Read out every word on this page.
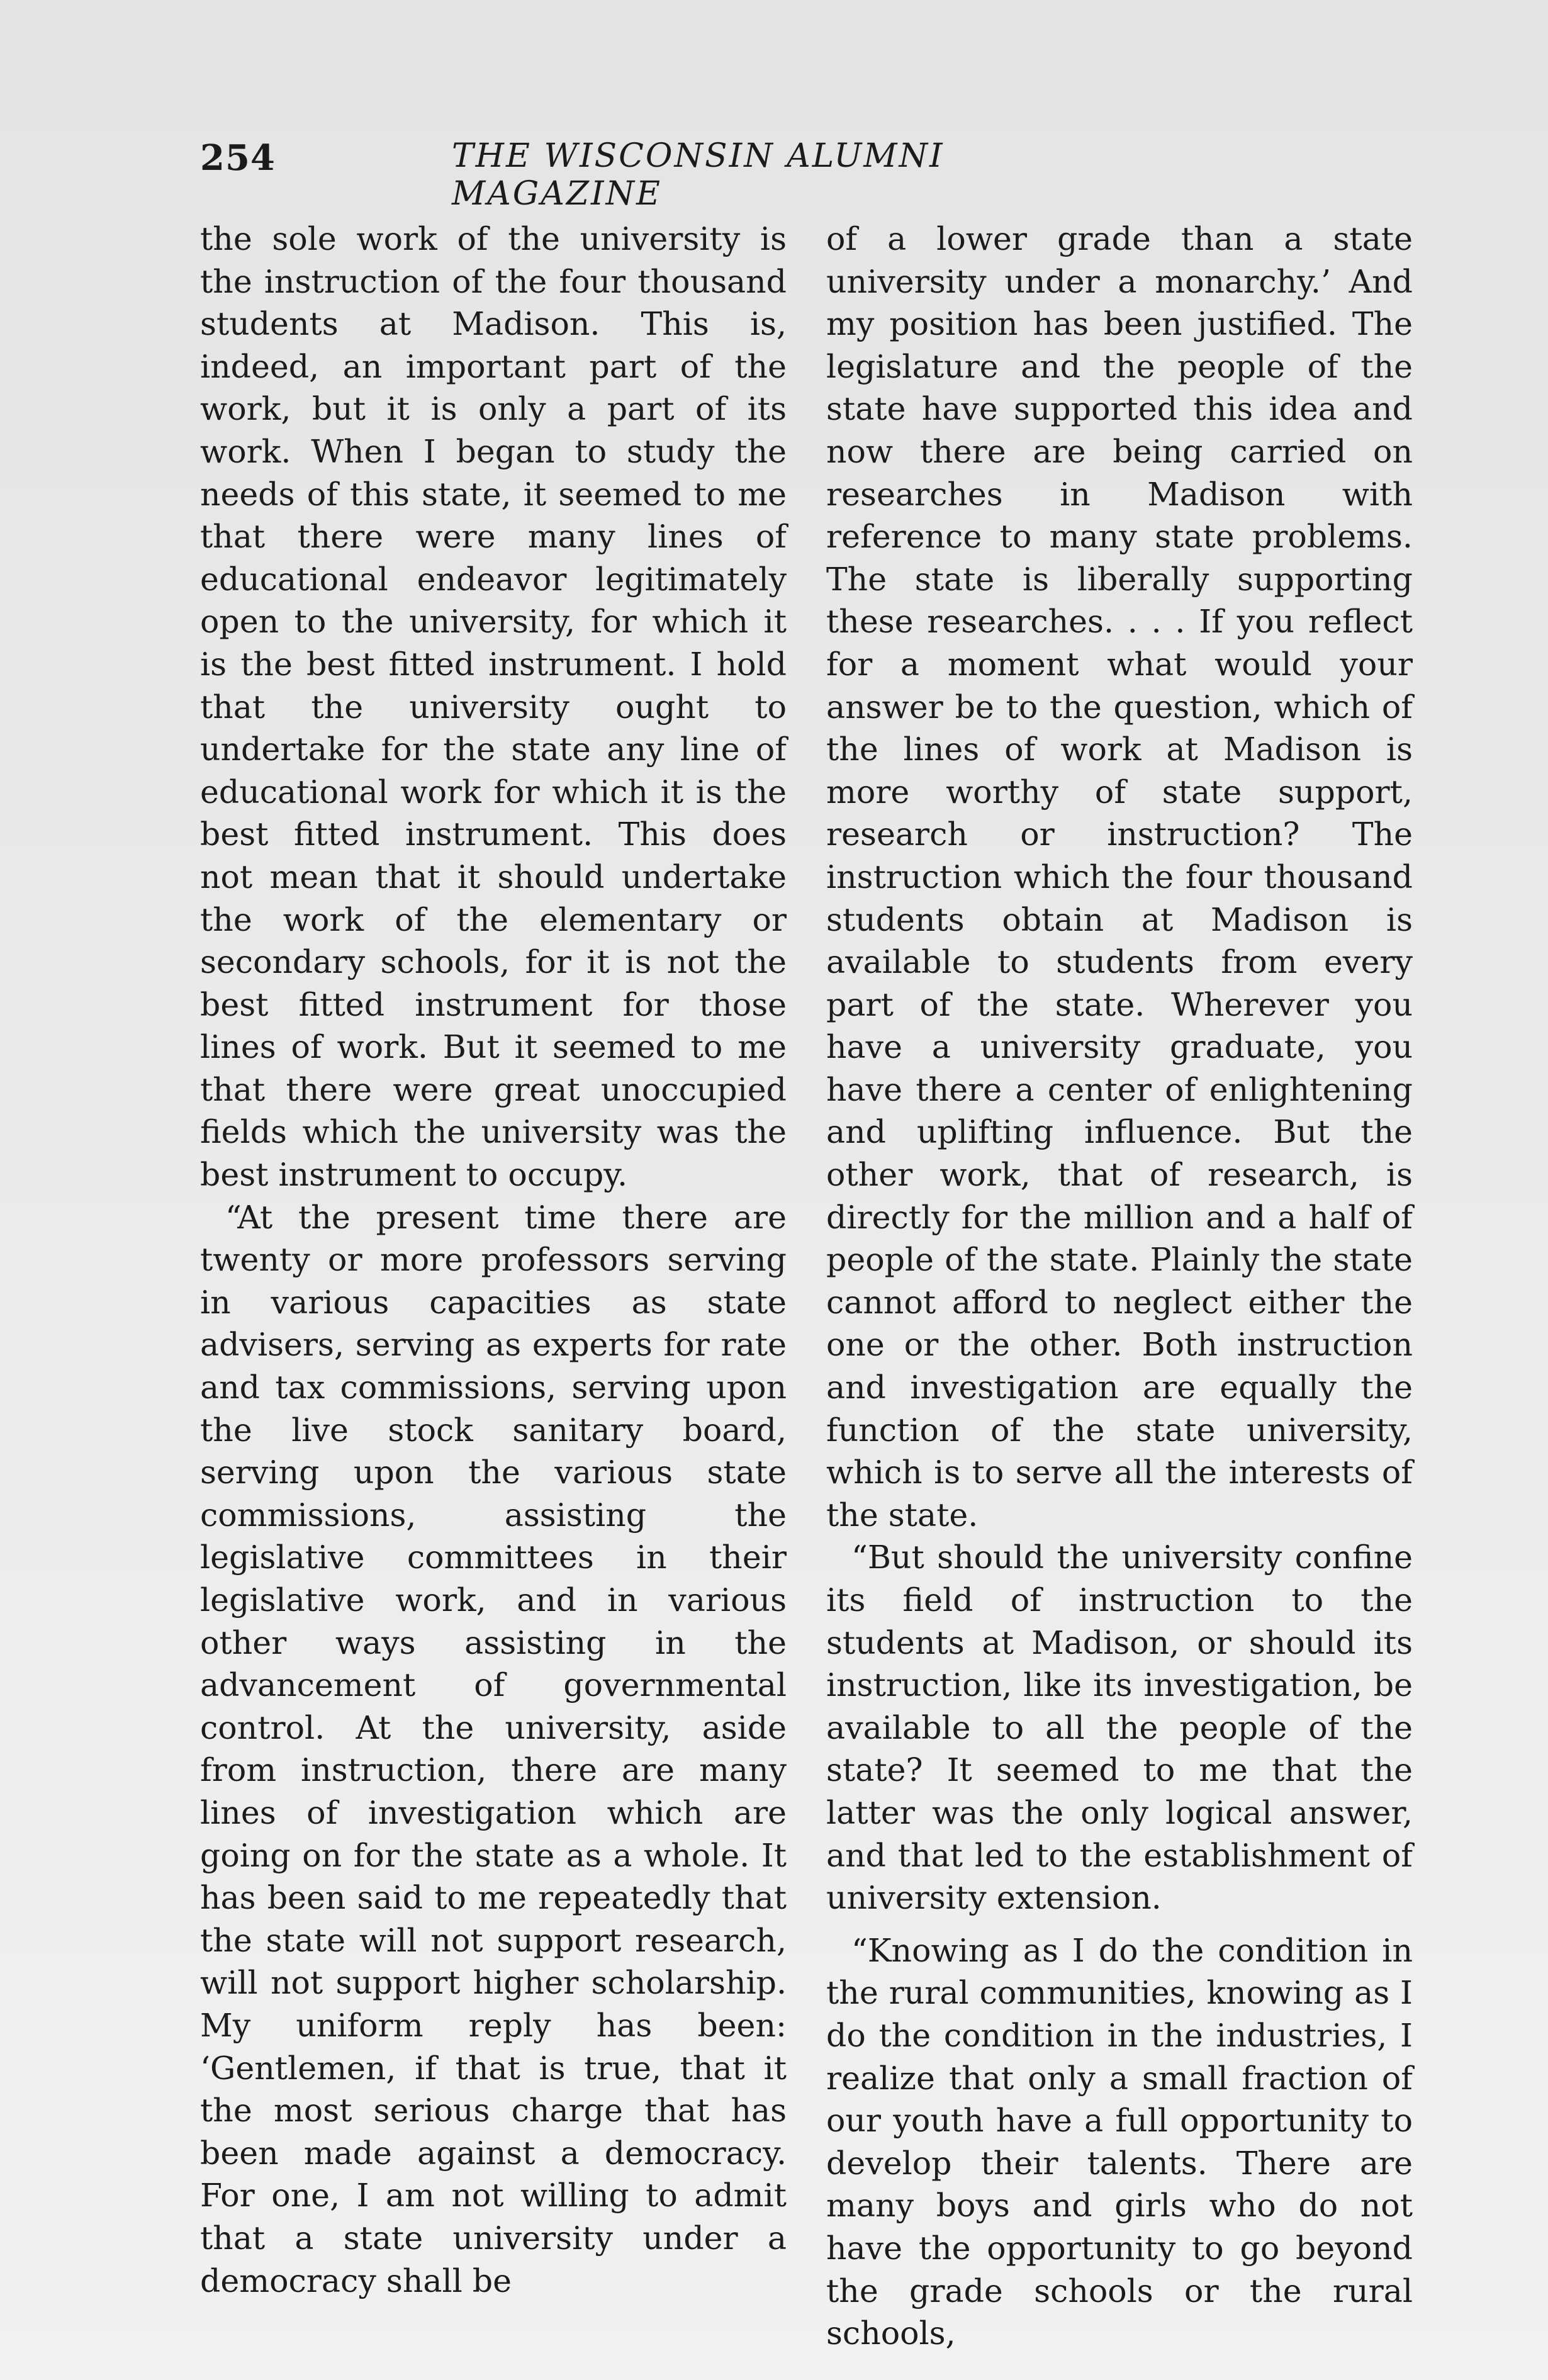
254	THE WISCONSIN ALUMNI MAGAZINE

the sole work of the university is the instruction of the four thousand students at Madison. This is, indeed, an important part of the work, but it is only a part of its work. When I began to study the needs of this state, it seemed to me that there were many lines of educational endeavor legitimately open to the university, for which it is the best fitted instrument. I hold that the university ought to undertake for the state any line of educational work for which it is the best fitted instrument. This does not mean that it should undertake the work of the elementary or secondary schools, for it is not the best fitted instrument for those lines of work. But it seemed to me that there were great unoccupied fields which the university was the best instrument to occupy.

“At the present time there are twenty or more professors serving in various capacities as state advisers, serving as experts for rate and tax commissions, serving upon the live stock sanitary board, serving upon the various state commissions, assisting the legislative committees in their legislative work, and in various other ways assisting in the advancement of governmental control. At the university, aside from instruction, there are many lines of investigation which are going on for the state as a whole. It has been said to me repeatedly that the state will not support research, will not support higher scholarship. My uniform reply has been: ‘Gentlemen, if that is true, that it the most serious charge that has been made against a democracy. For one, I am not willing to admit that a state university under a democracy shall be

of a lower grade than a state university under a monarchy.’ And my position has been justified. The legislature and the people of the state have supported this idea and now there are being carried on researches in Madison with reference to many state problems. The state is liberally supporting these researches. . . . If you reflect for a moment what would your answer be to the question, which of the lines of work at Madison is more worthy of state support, research or instruction? The instruction which the four thousand students obtain at Madison is available to students from every part of the state. Wherever you have a university graduate, you have there a center of enlightening and uplifting influence. But the other work, that of research, is directly for the million and a half of people of the state. Plainly the state cannot afford to neglect either the one or the other. Both instruction and investigation are equally the function of the state university, which is to serve all the interests of the state.

“But should the university confine its field of instruction to the students at Madison, or should its instruction, like its investigation, be available to all the people of the state? It seemed to me that the latter was the only logical answer, and that led to the establishment of university extension.

“Knowing as I do the condition in the rural communities, knowing as I do the condition in the industries, I realize that only a small fraction of our youth have a full opportunity to develop their talents. There are many boys and girls who do not have the opportunity to go beyond the grade schools or the rural schools,
